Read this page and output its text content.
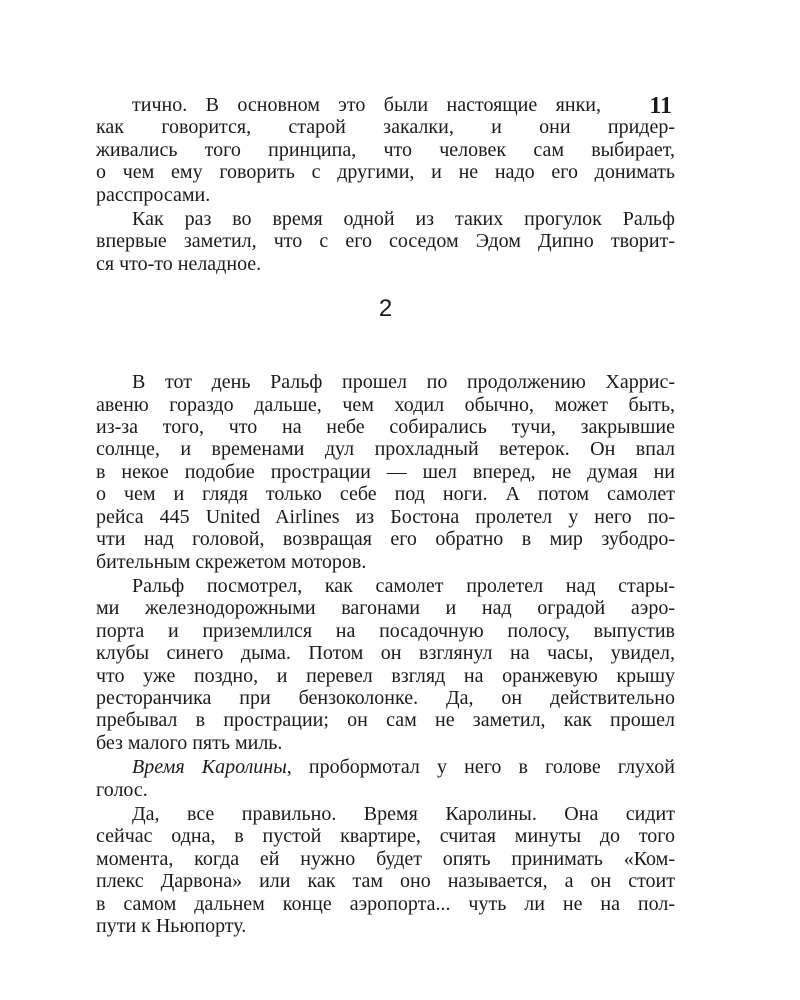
11
тично. В основном это были настоящие янки,
как говорится, старой закалки, и они придер-
живались того принципа, что человек сам выбирает,
о чем ему говорить с другими, и не надо его донимать
расспросами.
Как раз во время одной из таких прогулок Ральф
впервые заметил, что с его соседом Эдом Дипно творит-
ся что-то неладное.
2
В тот день Ральф прошел по продолжению Харрис-
авеню гораздо дальше, чем ходил обычно, может быть,
из-за того, что на небе собирались тучи, закрывшие
солнце, и временами дул прохладный ветерок. Он впал
в некое подобие прострации — шел вперед, не думая ни
о чем и глядя только себе под ноги. А потом самолет
рейса 445 United Airlines из Бостона пролетел у него по-
чти над головой, возвращая его обратно в мир зубодро-
бительным скрежетом моторов.
Ральф посмотрел, как самолет пролетел над стары-
ми железнодорожными вагонами и над оградой аэро-
порта и приземлился на посадочную полосу, выпустив
клубы синего дыма. Потом он взглянул на часы, увидел,
что уже поздно, и перевел взгляд на оранжевую крышу
ресторанчика при бензоколонке. Да, он действительно
пребывал в прострации; он сам не заметил, как прошел
без малого пять миль.
Время Каролины, пробормотал у него в голове глухой
голос.
Да, все правильно. Время Каролины. Она сидит
сейчас одна, в пустой квартире, считая минуты до того
момента, когда ей нужно будет опять принимать «Ком-
плекс Дарвона» или как там оно называется, а он стоит
в самом дальнем конце аэропорта... чуть ли не на пол-
пути к Ньюпорту.
